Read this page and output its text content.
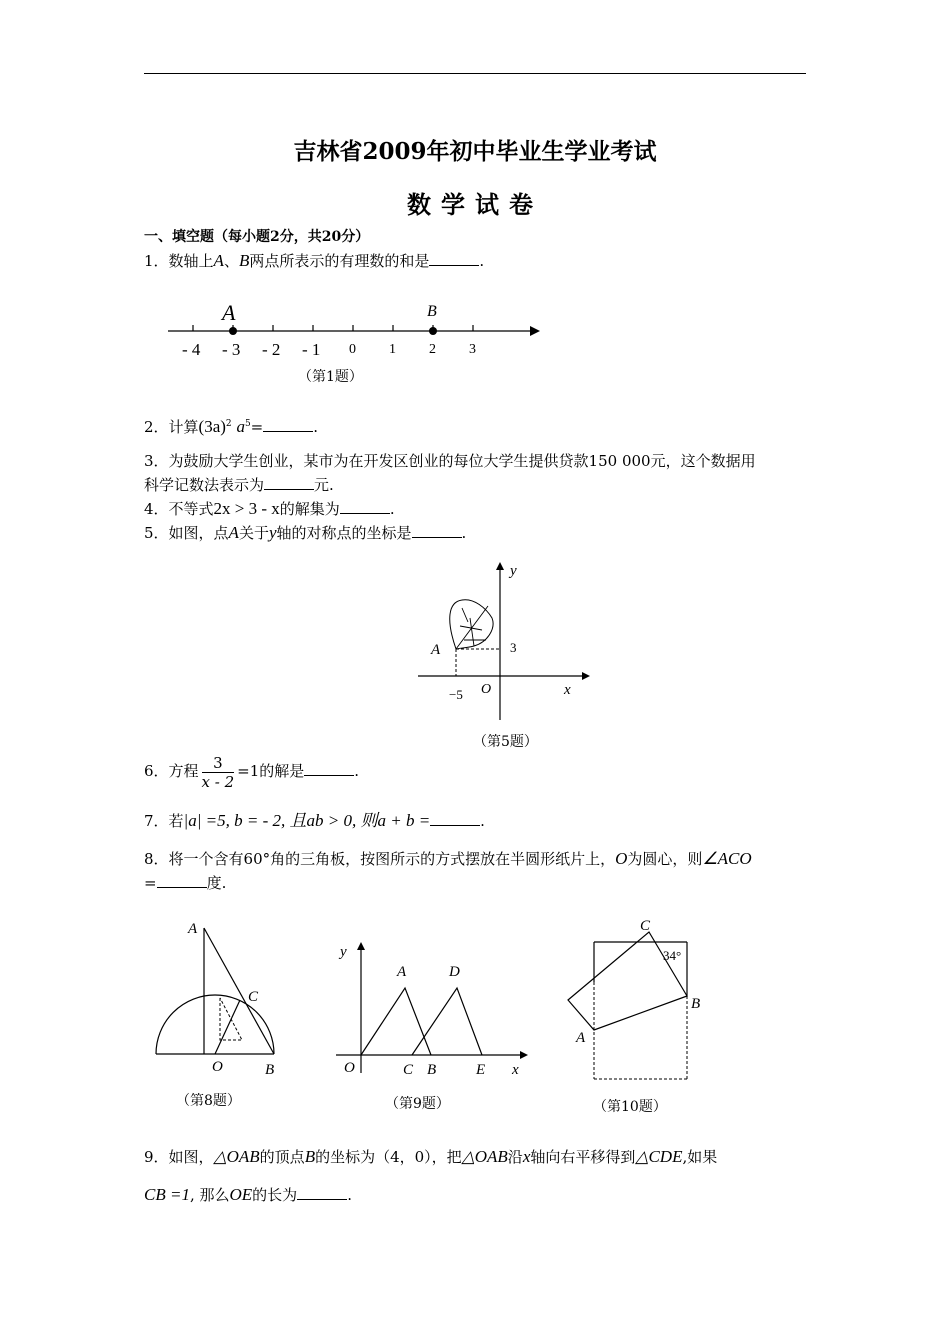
吉林省2009年初中毕业生学业考试
数学试卷
一、填空题（每小题2分，共20分）
1．数轴上A、B两点所表示的有理数的和是	.
A	B
- 4 - 3 - 2 - 1 0 1 2 3
（第1题）
2．计算$(3a)^2$ $a^5=$	.
3．为鼓励大学生创业，某市为在开发区创业的每位大学生提供贷款150 000元，这个数据用
科学记数法表示为	元.
4．不等式2x > 3 - x的解集为	.
5．如图，点A关于y轴的对称点的坐标是	.
y
x
O
A	3
−5
（第5题）
6．方程 $\frac{3}{x - 2} =1$的解是	.
7．若|a| =5, b = - 2, 且ab > 0, 则a + b =	.
8．将一个含有60°角的三角板，按图所示的方式摆放在半圆形纸片上，O为圆心，则∠ACO
=	度.
A
C
O	B
（第8题）
y
A	D
O	C B	E x
（第9题）
C
34°
B
A
（第10题）
9．如图，△OAB的顶点B的坐标为（4，0），把△OAB沿x轴向右平移得到△CDE,如果
CB =1, 那么OE的长为	.
